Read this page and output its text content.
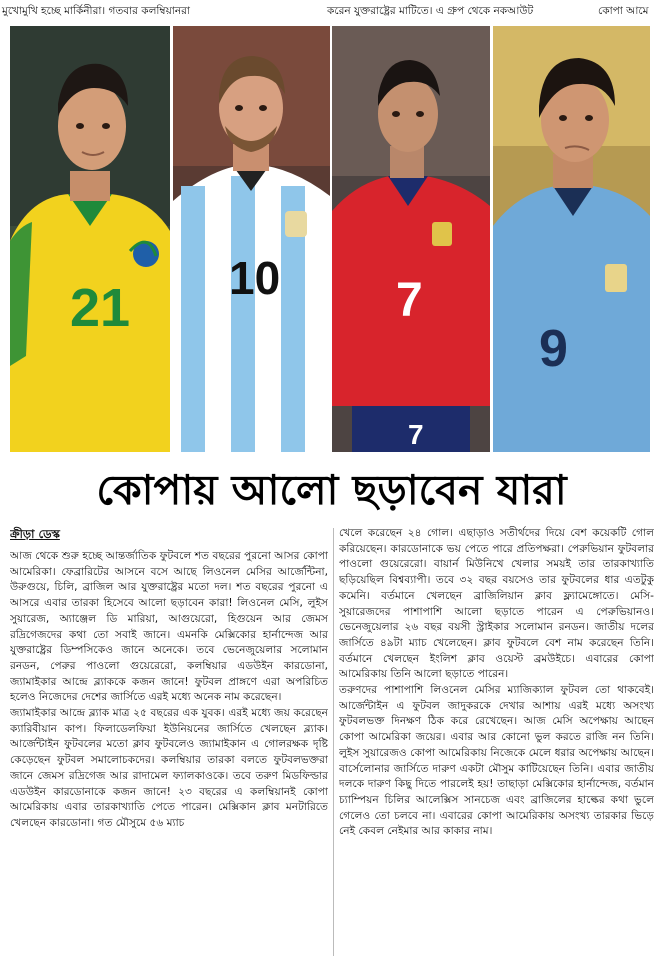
মুখোমুখি হচ্ছে মার্কিনীরা। গতবার কলম্বিয়ানরা	করেন যুক্তরাষ্ট্রের মাটিতে। এ গ্রুপ থেকে নকআউট	কোপা আমে
21 10 7
7
9
কোপায় আলো ছড়াবেন যারা
ক্রীড়া ডেস্ক

আজ থেকে শুরু হচ্ছে আন্তর্জাতিক ফুটবলে শত বছরের পুরনো আসর কোপা আমেরিকা। ফেব্রারিটের আসনে বসে আছে লিওনেল মেসির আর্জেন্টিনা, উরুগুয়ে, চিলি, ব্রাজিল আর যুক্তরাষ্ট্রের মতো দল। শত বছরের পুরনো এ আসরে এবার তারকা হিসেবে আলো ছড়াবেন কারা! লিওনেল মেসি, লুইস সুয়ারেজ, অ্যাঞ্জেল ডি মারিয়া, আগুয়েরো, হিগুয়েন আর জেমস রদ্রিগেজদের কথা তো সবাই জানে। এমনকি মেক্সিকোর হার্নান্দেজ আর যুক্তরাষ্ট্রের ডিম্পসিকেও জানে অনেকে। তবে ভেনেজুয়েলার সলোমান রনডন, পেরুর পাওলো গুয়েরেরো, কলম্বিয়ার এডউইন কারডোনা, জ্যামাইকার আন্দ্রে ব্ল্যাককে কজন জানে! ফুটবল প্রাঙ্গণে এরা অপরিচিত হলেও নিজেদের দেশের জার্সিতে এরই মধ্যে অনেক নাম করেছেন।

জ্যামাইকার আন্দ্রে ব্ল্যাক মাত্র ২৫ বছরের এক যুবক। এরই মধ্যে জয় করেছেন ক্যারিবীয়ান কাপ। ফিলাডেলফিয়া ইউনিয়নের জার্সিতে খেলছেন ব্ল্যাক। আর্জেন্টাইন ফুটবলের মতো ক্লাব ফুটবলেও জ্যামাইকান এ গোলরক্ষক দৃষ্টি কেড়েছেন ফুটবল সমালোচকদের। কলম্বিয়ার তারকা বলতে ফুটবলভক্তরা জানে জেমস রদ্রিগেজ আর রাদামেল ফ্যালকাওকে। তবে তরুণ মিডফিল্ডার এডউইন কারডোনাকে কজন জানে! ২৩ বছরের এ কলম্বিয়ানই কোপা আমেরিকায় এবার তারকাখ্যাতি পেতে পারেন। মেক্সিকান ক্লাব মনটারিতে খেলছেন কারডোনা। গত মৌসুমে ৫৬ ম্যাচ

খেলে করেছেন ২৪ গোল। এছাড়াও সতীর্থদের দিয়ে বেশ কয়েকটি গোল করিয়েছেন। কারডোনাকে ভয় পেতে পারে প্রতিপক্ষরা। পেরুভিয়ান ফুটবলার পাওলো গুয়েরেরো। বায়ার্ন মিউনিখে খেলার সময়ই তার তারকাখ্যাতি ছড়িয়েছিল বিশ্বব্যাপী। তবে ৩২ বছর বয়সেও তার ফুটবলের ধার এতটুকু কমেনি। বর্তমানে খেলছেন ব্রাজিলিয়ান ক্লাব ফ্ল্যামেঙ্গোতে। মেসি-সুয়ারেজদের পাশাপাশি আলো ছড়াতে পারেন এ পেরুভিয়ানও। ভেনেজুয়েলার ২৬ বছর বয়সী স্ট্রাইকার সলোমান রনডন। জাতীয় দলের জার্সিতে ৪৯টা ম্যাচ খেলেছেন। ক্লাব ফুটবলে বেশ নাম করেছেন তিনি। বর্তমানে খেলছেন ইংলিশ ক্লাব ওয়েস্ট ব্রমউইচে। এবারের কোপা আমেরিকায় তিনি আলো ছড়াতে পারেন।

তরুণদের পাশাপাশি লিওনেল মেসির ম্যাজিক্যাল ফুটবল তো থাকবেই। আর্জেন্টাইন এ ফুটবল জাদুকরকে দেখার আশায় এরই মধ্যে অসংখ্য ফুটবলভক্ত দিনক্ষণ ঠিক করে রেখেছেন। আজ মেসি অপেক্ষায় আছেন কোপা আমেরিকা জয়ের। এবার আর কোনো ভুল করতে রাজি নন তিনি। লুইস সুয়ারেজও কোপা আমেরিকায় নিজেকে মেলে ধরার অপেক্ষায় আছেন। বার্সেলোনার জার্সিতে দারুণ একটা মৌসুম কাটিয়েছেন তিনি। এবার জাতীয় দলকে দারুণ কিছু দিতে পারলেই হয়! তাছাড়া মেক্সিকোর হার্নান্দেজ, বর্তমান চ্যাম্পিয়ন চিলির আলেক্সিস সানচেজ এবং ব্রাজিলের হাল্কের কথা ভুলে গেলেও তো চলবে না। এবারের কোপা আমেরিকায় অসংখ্য তারকার ভিড়ে নেই কেবল নেইমার আর কাকার নাম।
